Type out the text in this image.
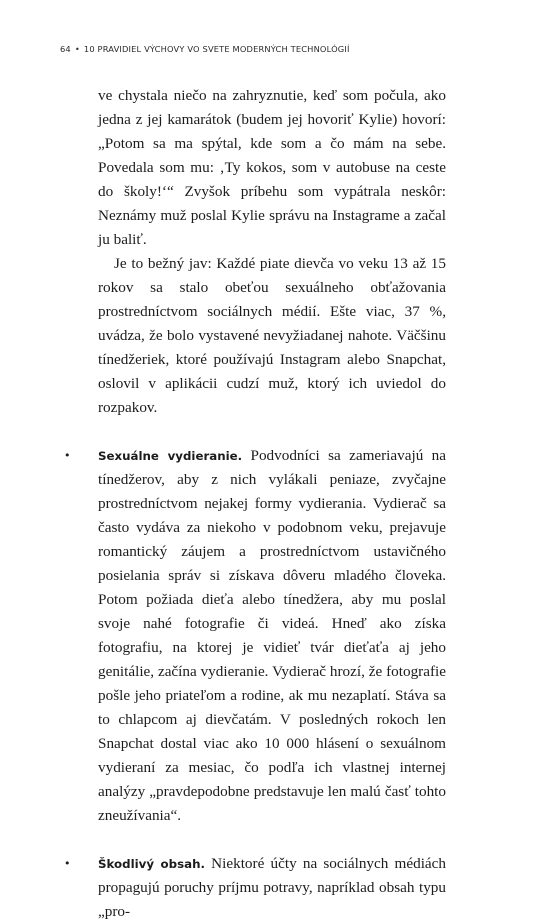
64 • 10 PRAVIDIEL VÝCHOVY VO SVETE MODERNÝCH TECHNOLÓGIÍ

ve chystala niečo na zahryznutie, keď som počula, ako jedna z jej kamarátok (budem jej hovoriť Kylie) hovorí: „Potom sa ma spýtal, kde som a čo mám na sebe. Povedala som mu: ‚Ty kokos, som v autobuse na ceste do školy!‘“ Zvyšok príbehu som vypátrala neskôr: Neznámy muž poslal Kylie správu na Instagrame a začal ju baliť.

Je to bežný jav: Každé piate dievča vo veku 13 až 15 rokov sa stalo obeťou sexuálneho obťažovania prostredníctvom sociálnych médií. Ešte viac, 37 %, uvádza, že bolo vystavené nevyžiadanej nahote. Väčšinu tínedžeriek, ktoré používajú Instagram alebo Snapchat, oslovil v aplikácii cudzí muž, ktorý ich uviedol do rozpakov.

• Sexuálne vydieranie. Podvodníci sa zameriavajú na tínedžerov, aby z nich vylákali peniaze, zvyčajne prostredníctvom nejakej formy vydierania. Vydierač sa často vydáva za niekoho v podobnom veku, prejavuje romantický záujem a prostredníctvom ustavičného posielania správ si získava dôveru mladého človeka. Potom požiada dieťa alebo tínedžera, aby mu poslal svoje nahé fotografie či videá. Hneď ako získa fotografiu, na ktorej je vidieť tvár dieťaťa aj jeho genitálie, začína vydieranie. Vydierač hrozí, že fotografie pošle jeho priateľom a rodine, ak mu nezaplatí. Stáva sa to chlapcom aj dievčatám. V posledných rokoch len Snapchat dostal viac ako 10 000 hlásení o sexuálnom vydieraní za mesiac, čo podľa ich vlastnej internej analýzy „pravdepodobne predstavuje len malú časť tohto zneužívania“.

• Škodlivý obsah. Niektoré účty na sociálnych médiách propagujú poruchy príjmu potravy, napríklad obsah typu „pro-
